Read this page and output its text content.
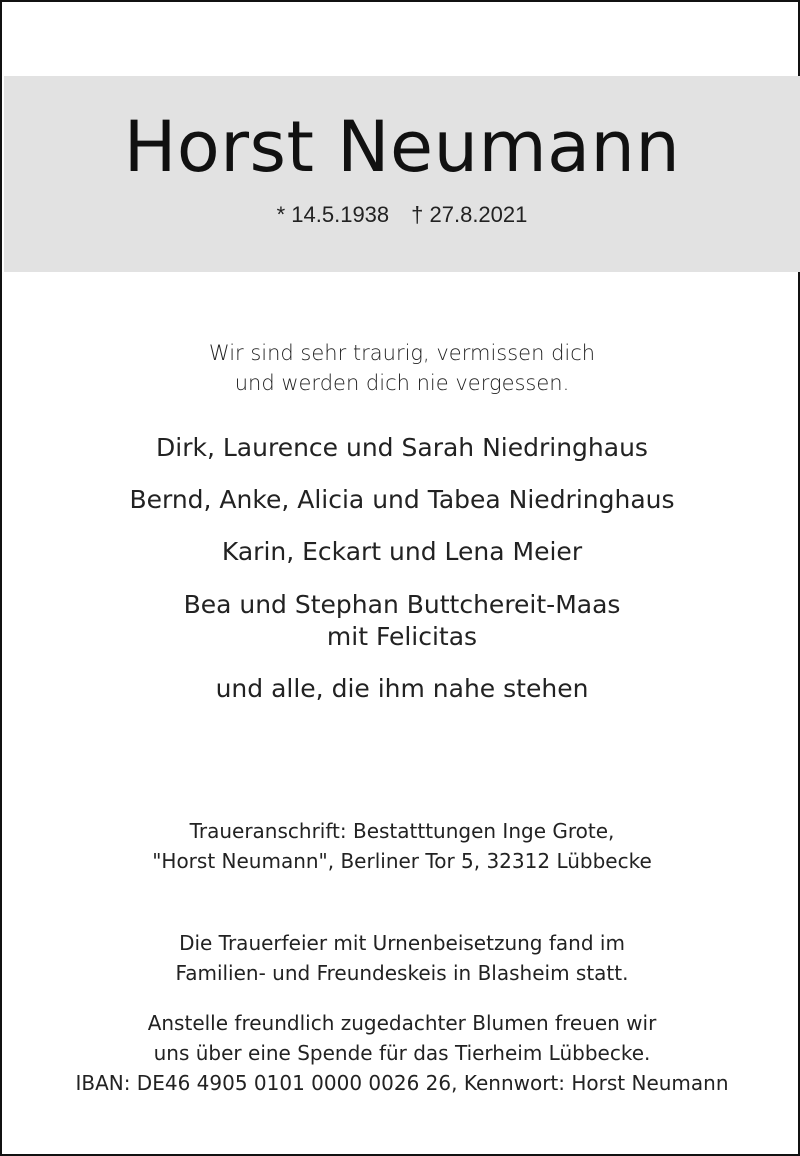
Horst Neumann
* 14.5.1938 † 27.8.2021
Wir sind sehr traurig, vermissen dich
und werden dich nie vergessen.
Dirk, Laurence und Sarah Niedringhaus
Bernd, Anke, Alicia und Tabea Niedringhaus
Karin, Eckart und Lena Meier
Bea und Stephan Buttchereit-Maas
mit Felicitas
und alle, die ihm nahe stehen
Traueranschrift: Bestatttungen Inge Grote,
"Horst Neumann", Berliner Tor 5, 32312 Lübbecke
Die Trauerfeier mit Urnenbeisetzung fand im
Familien- und Freundeskeis in Blasheim statt.
Anstelle freundlich zugedachter Blumen freuen wir
uns über eine Spende für das Tierheim Lübbecke.
IBAN: DE46 4905 0101 0000 0026 26, Kennwort: Horst Neumann
